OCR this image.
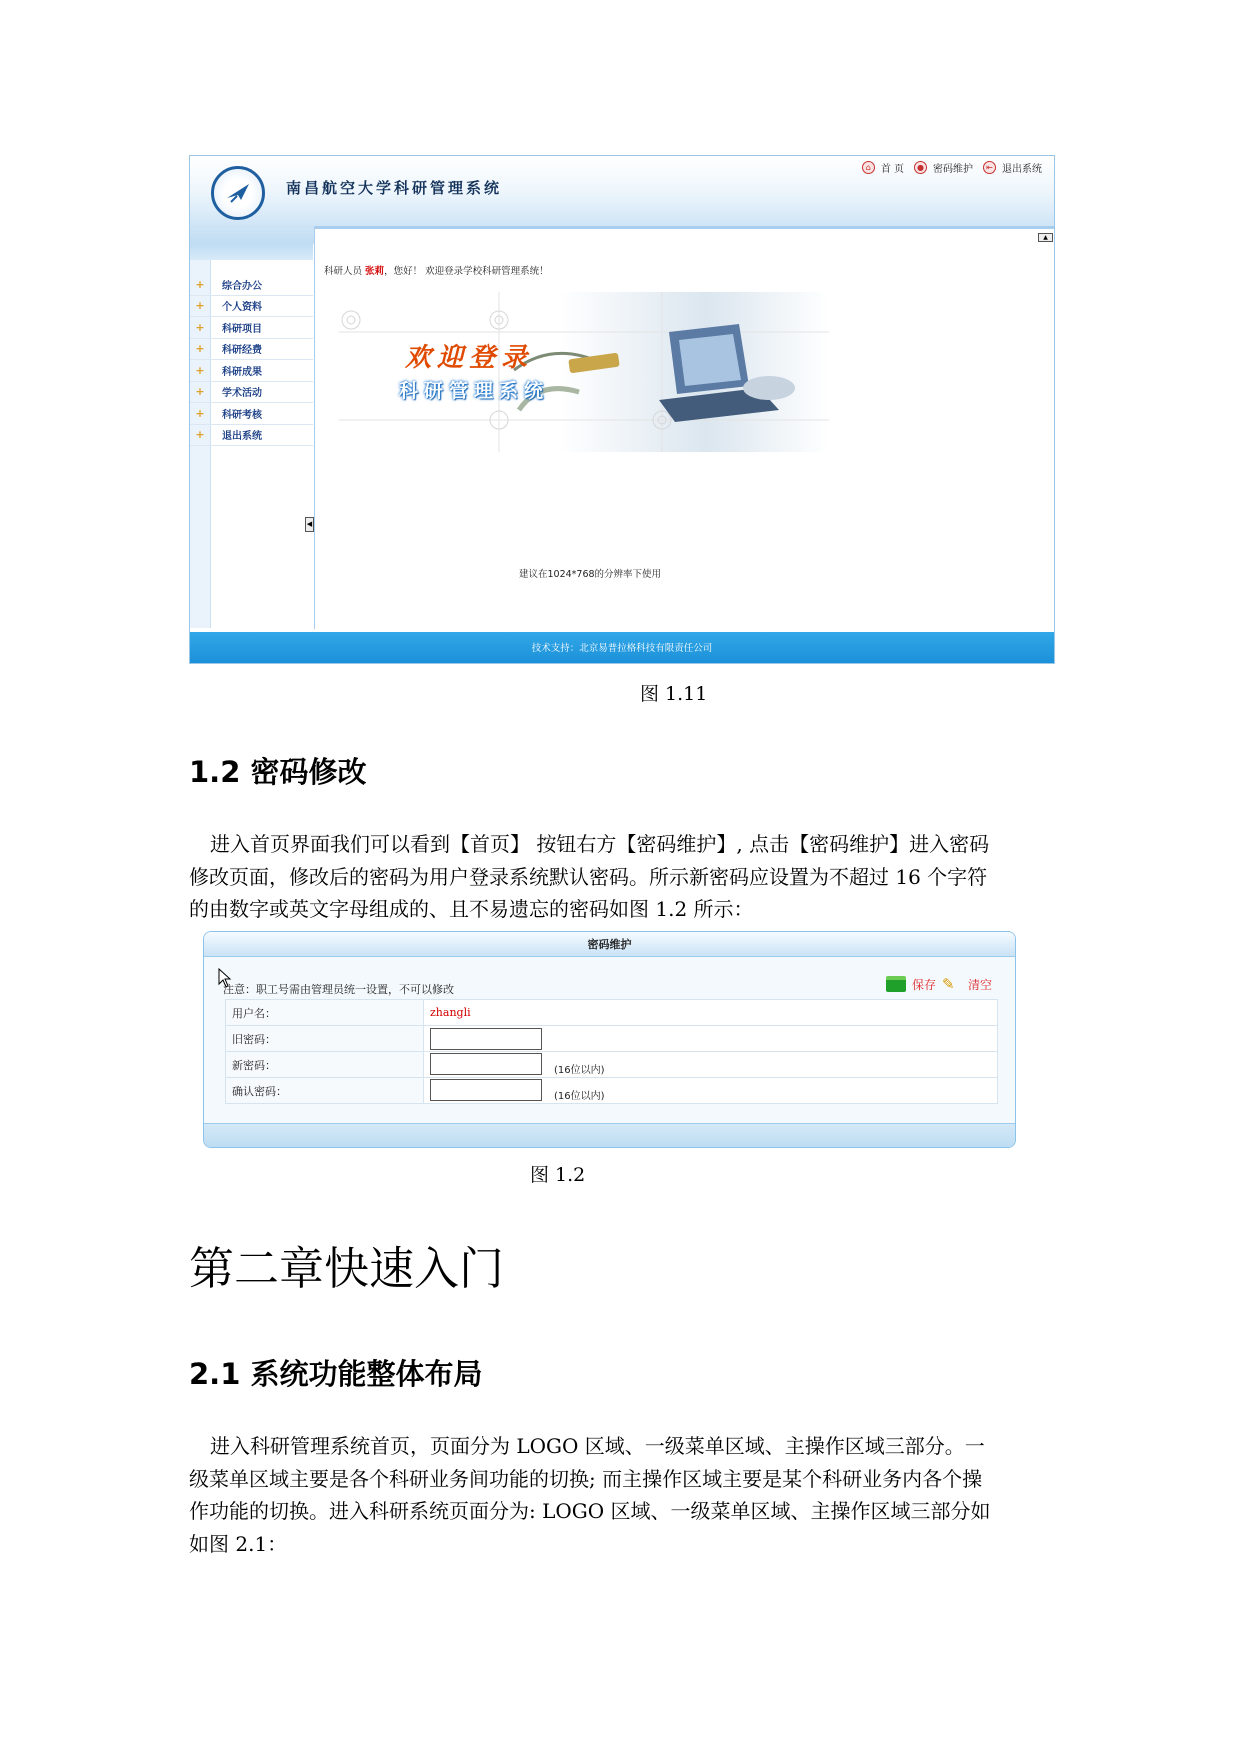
南昌航空大学科研管理系统
⌂ 首 页	● 密码维护	⇤ 退出系统
+	综合办公
+	个人资料
+	科研项目
+	科研经费
+	科研成果
+	学术活动
+	科研考核
+	退出系统
◀
▲
科研人员 张莉，您好！ 欢迎登录学校科研管理系统！
欢迎登录
科研管理系统
建议在1024*768的分辨率下使用
技术支持：北京易普拉格科技有限责任公司
图 1.11
1.2 密码修改
进入首页界面我们可以看到【首页】 按钮右方【密码维护】, 点击【密码维护】进入密码
修改页面，修改后的密码为用户登录系统默认密码。所示新密码应设置为不超过 16 个字符
的由数字或英文字母组成的、且不易遗忘的密码如图 1.2 所示：
密码维护
注意：职工号需由管理员统一设置，不可以修改	保存 ✎	清空
用户名：	zhangli
旧密码：	
新密码：	(16位以内)
确认密码：	(16位以内)
图 1.2
第二章快速入门
2.1 系统功能整体布局
进入科研管理系统首页，页面分为 LOGO 区域、一级菜单区域、主操作区域三部分。一
级菜单区域主要是各个科研业务间功能的切换; 而主操作区域主要是某个科研业务内各个操
作功能的切换。进入科研系统页面分为: LOGO 区域、一级菜单区域、主操作区域三部分如
如图 2.1：
